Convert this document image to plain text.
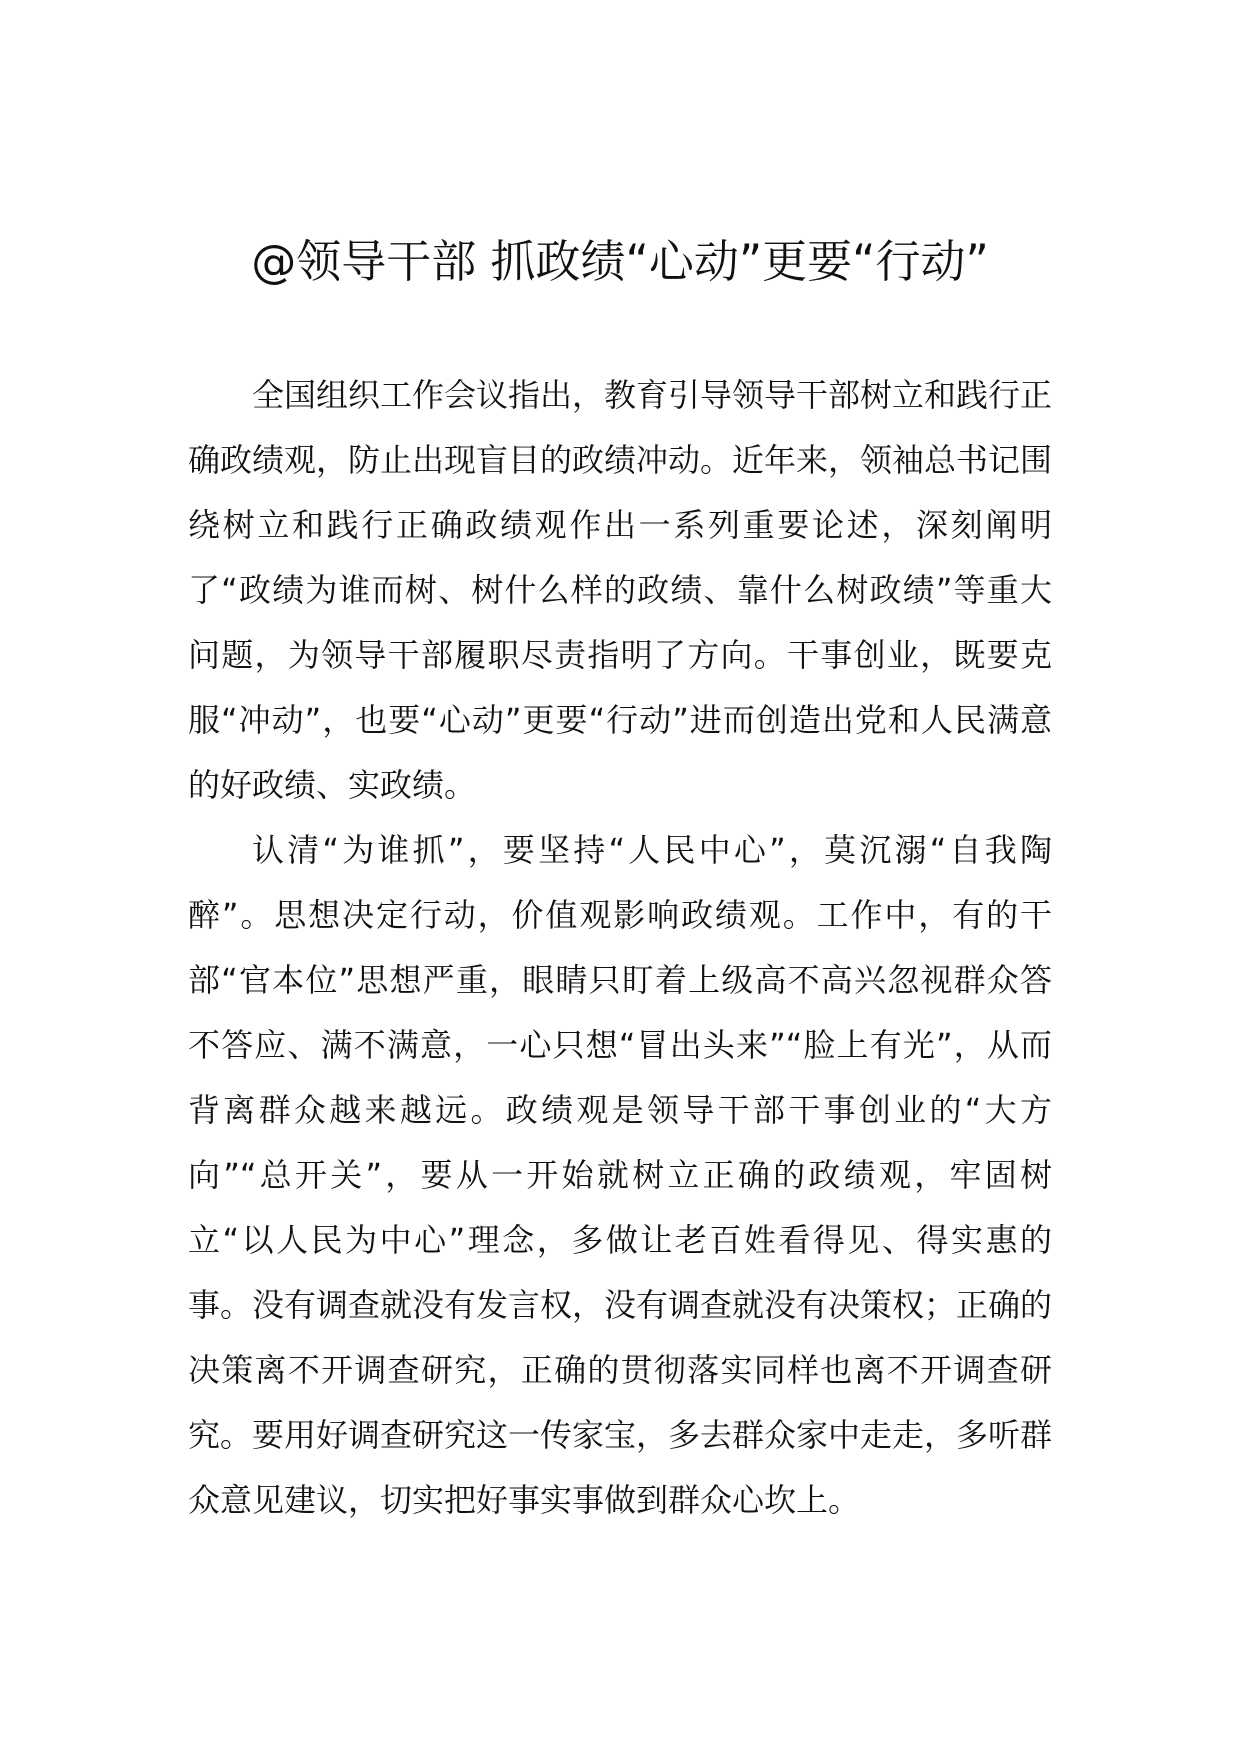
@领导干部 抓政绩“心动”更要“行动”

全国组织工作会议指出，教育引导领导干部树立和践行正确政绩观，防止出现盲目的政绩冲动。近年来，领袖总书记围绕树立和践行正确政绩观作出一系列重要论述，深刻阐明了“政绩为谁而树、树什么样的政绩、靠什么树政绩”等重大问题，为领导干部履职尽责指明了方向。干事创业，既要克服“冲动”，也要“心动”更要“行动”进而创造出党和人民满意的好政绩、实政绩。

认清“为谁抓”，要坚持“人民中心”，莫沉溺“自我陶醉”。思想决定行动，价值观影响政绩观。工作中，有的干部“官本位”思想严重，眼睛只盯着上级高不高兴忽视群众答不答应、满不满意，一心只想“冒出头来”“脸上有光”，从而背离群众越来越远。政绩观是领导干部干事创业的“大方向”“总开关”，要从一开始就树立正确的政绩观，牢固树立“以人民为中心”理念，多做让老百姓看得见、得实惠的事。没有调查就没有发言权，没有调查就没有决策权；正确的决策离不开调查研究，正确的贯彻落实同样也离不开调查研究。要用好调查研究这一传家宝，多去群众家中走走，多听群众意见建议，切实把好事实事做到群众心坎上。
